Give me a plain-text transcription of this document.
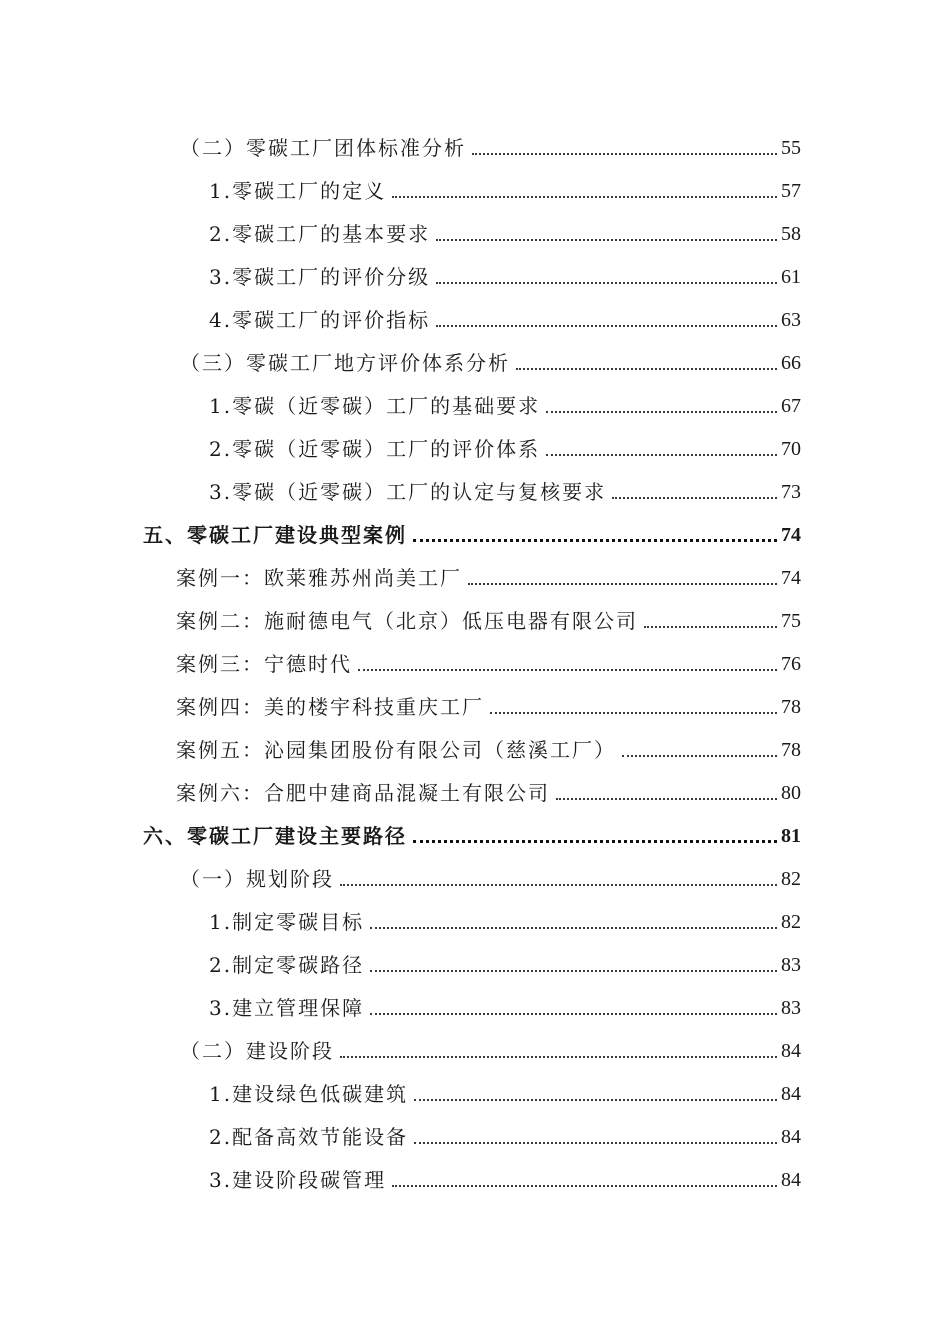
（二）零碳工厂团体标准分析	55
1.零碳工厂的定义	57
2.零碳工厂的基本要求	58
3.零碳工厂的评价分级	61
4.零碳工厂的评价指标	63
（三）零碳工厂地方评价体系分析	66
1.零碳（近零碳）工厂的基础要求	67
2.零碳（近零碳）工厂的评价体系	70
3.零碳（近零碳）工厂的认定与复核要求	73
五、零碳工厂建设典型案例	74
案例一：欧莱雅苏州尚美工厂	74
案例二：施耐德电气（北京）低压电器有限公司	75
案例三：宁德时代	76
案例四：美的楼宇科技重庆工厂	78
案例五：沁园集团股份有限公司（慈溪工厂）	78
案例六：合肥中建商品混凝土有限公司	80
六、零碳工厂建设主要路径	81
（一）规划阶段	82
1.制定零碳目标	82
2.制定零碳路径	83
3.建立管理保障	83
（二）建设阶段	84
1.建设绿色低碳建筑	84
2.配备高效节能设备	84
3.建设阶段碳管理	84
